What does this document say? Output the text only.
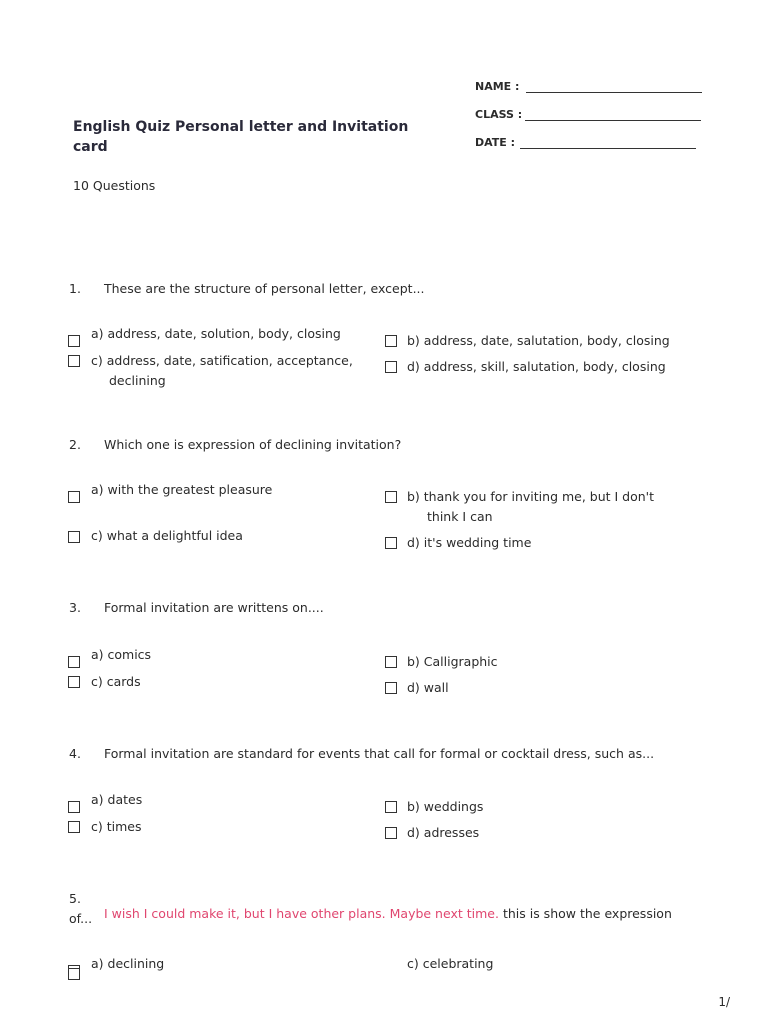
English Quiz Personal letter and Invitation card
10 Questions
NAME :
CLASS :
DATE :
1. These are the structure of personal letter, except...
a) address, date, solution, body, closing	b) address, date, salutation, body, closing
c) address, date, satification, acceptance,
declining
d) address, skill, salutation, body, closing
2. Which one is expression of declining invitation?
a) with the greatest pleasure	b) thank you for inviting me, but I don't
think I can
c) what a delightful idea	d) it's wedding time
3. Formal invitation are writtens on....
a) comics	b) Calligraphic
c) cards	d) wall
4. Formal invitation are standard for events that call for formal or cocktail dress, such as...
a) dates	b) weddings
c) times	d) adresses
5.
of... I wish I could make it, but I have other plans. Maybe next time. this is show the expression
a) declining	c) celebrating
1/
